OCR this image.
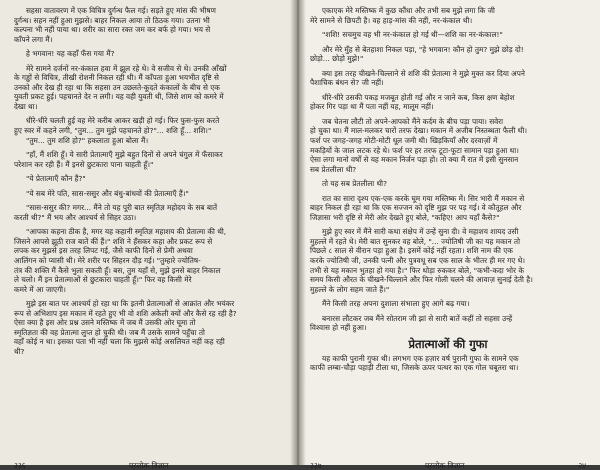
सहसा वातावरण में एक विचित्र दुर्गन्ध फैल गई। सड़ते हुए मांस की भीषण

दुर्गन्ध। सहन नहीं हुआ मुझसे। बाहर निकल आया तो ठिठक गया। उतना भी

कल्पना भी नहीं पाया था। शरीर का सारा रक्त जम कर बर्फ हो गया। भय से

काँपने लगा मैं।

हे भगवान! यह कहाँ फँस गया मैं?

मेरे सामने दर्जनों नर-कंकाल हवा में झूल रहे थे। वे सजीव से थे। उनकी आँखों

के गड्ढों से विचित्र, तीखी रोशनी निकल रही थी। मैं काँपता हुआ भयभीत दृष्टि से

उनको और देख ही रहा था कि सहसा उन उछलते-कूदते कंकालों के बीच से एक

युवती प्रकट हुई। पहचानते देर न लगी। यह वही युवती थी, जिसे शाम को कमरे में

देखा था।

धीरे-धीरे चलती हुई वह मेरे करीब आकर खड़ी हो गई। फिर फुस-फुस करते

हुए स्वर में कहने लगी, "तुम... तुम मुझे पहचानते हो?"... शशि हूँ... शशि।"

"तुम... तुम शशि हो?" हकलाता हुआ बोला मैं।

"हाँ, मैं शशि हूँ। ये सारी प्रेतात्माएँ मुझे बहुत दिनों से अपने चंगुल में फँसाकर

परेशान कर रही हैं। मैं इनसे छुटकारा पाना चाहती हूँ।"

"ये प्रेतात्माएँ कौन हैं?"

"ये सब मेरे पति, सास-ससुर और बंधु-बांधवों की प्रेतात्माएँ हैं।"

"सास-ससुर की? मगर... मैंने तो यह पूरी बात स्मृतिज्ञ महोदय के सब बातें

करती थी?" मैं भय और आश्चर्य से सिहर उठा।

"आपका कहना ठीक है, मगर यह कहानी स्मृतिज्ञ महाशय की प्रेतात्मा की थी,

जिसने आपसे झूठी राज बातें कीं हैं।" शशि ने हँसकर कहा और प्रकट रूप से

लपक कर मुझसे इस तरह लिपट गई, जैसे काफी दिनों से प्रेमी अथवा

आलिंगन को प्यासी थी। मेरे शरीर पर सिहरन दौड़ गई। "तुम्हारे ज्योतिष-

तंत्र की शक्ति मैं कैसे भुला सकती हूँ। बस, तुम यहाँ से, मुझे इनसे बाहर निकाल

ले चलो। मैं इन प्रेतात्माओं से छुटकारा चाहती हूँ।" फिर वह किसी मेरे

कमरे में आ जाएगी।

मुझे इस बात पर आश्चर्य हो रहा था कि इतनी प्रेतात्माओं से आक्रांत और भयंकर

रूप से अभिशाप इस मकान में रहते हुए भी वो शशि अकेली क्यों और कैसे रह रही है?

ऐसा क्या है इस ओर प्रश्न उसने मस्तिष्क में जब मैं उसकी ओर घूमा तो

स्मृतिज्ञता की वह प्रेतात्मा लुप्त हो चुकी थी। जब मैं उसके सामने पहुँचा तो

वहाँ कोई न था। इसका पता भी नहीं चला कि मुझसे कोई असलियत नहीं कह रही

थी?

३३६	परलोक विज्ञान

एकाएक मेरे मस्तिष्क में कुछ कौंधा और तभी सब मुझे लगा कि जी

मेरे सामने से छिपटी है। वह हाड़-मांस की नहीं, नर-कंकाल थी।

"शशि! सचमुच वह भी नर-कंकाल हो गई थी—शशि का नर-कंकाल!"

और मेरे मुँह से बेतहाशा निकल पड़ा, "हे भगवान! कौन हो तुम? मुझे छोड़ दो!

छोड़ो... छोड़ो मुझे!"

क्या इस तरह चीखने-चिल्लाने से शशि की प्रेतात्मा ने मुझे मुक्त कर दिया अपने

पैशाचिक बंधन से? जी नहीं।

धीरे-धीरे उसकी पकड़ मजबूत होती गई और न जाने कब, किस क्षण बेहोश

होकर गिर पड़ा था मैं पता नहीं यह, मालूम नहीं।

जब चेतना लौटी तो अपने-आपको मैंने कर्दम के बीच पड़ा पाया। सवेरा

हो चुका था। मैं माल-मलकर चारों तरफ देखा। मकान में अजीब निस्तब्धता फैली थी।

फर्श पर जगह-जगह मोटी-मोटी धूल जमी थी। खिड़कियाँ और दरवाज़ों में

मकड़ियों के जाल लटक रहे थे। फर्श पर हर तरफ टूटा-फूटा सामान पड़ा हुआ था।

ऐसा लगा मानो वर्षों से यह मकान निर्जन पड़ा हो। तो क्या मैं रात में इसी सुनसान

सब प्रेतलीला थी?

तो यह सब प्रेतलीला थी?

रात का सारा दृश्य एक-एक करके घूम गया मस्तिष्क में। सिर भारी मैं मकान से

बाहर निकल ही रहा था कि एक सज्जन को दृष्टि मुझ पर पड़ गई। वे कौतूहल और

जिज्ञासा भरी दृष्टि से मेरी ओर देखते हुए बोले, "कहिए! आप यहाँ कैसे?"

मुझे हुए स्वर में मैंने सारी कथा संक्षेप में उन्हें सुना दी। वे महाशय शायद उसी

मुहल्ले में रहते थे। मेरी बात सुनकर वह बोले, "... ज्योतिषी जी का यह मकान तो

पिछले ८ साल से वीरान पड़ा हुआ है। इसमें कोई नहीं रहता। शशि नाम की एक

करके ज्योतिषी जी, उनकी पत्नी और पुत्रवधू सब एक साल के भीतर ही मर गए थे।

तभी से यह मकान भुतहा हो गया है।" फिर थोड़ा रुककर बोले, "कभी-कदा भोर के

समय किसी औरत के चीखने-चिल्लाने और फिर गोली चलने की आवाज़ सुनाई देती है।

मुहल्ले के लोग सहम जाते हैं।"

मैंने किसी तरह अपना दुशाला संभाला हुए आगे बढ़ गया।

बनारस लौटकर जब मैंने सोतराम जी झां से सारी बातें कहीं तो सहसा उन्हें

विश्वास हो नहीं हुआ।

प्रेतात्माओं की गुफा

यह काफी पुरानी गुफा थी। लगभग एक हज़ार वर्ष पुरानी गुफा के सामने एक

काफी लम्बा-चौड़ा पहाड़ी टीला था, जिसके ऊपर पत्थर का एक गोल चबूतरा था।

३३७	परलोक विज्ञान	२४
